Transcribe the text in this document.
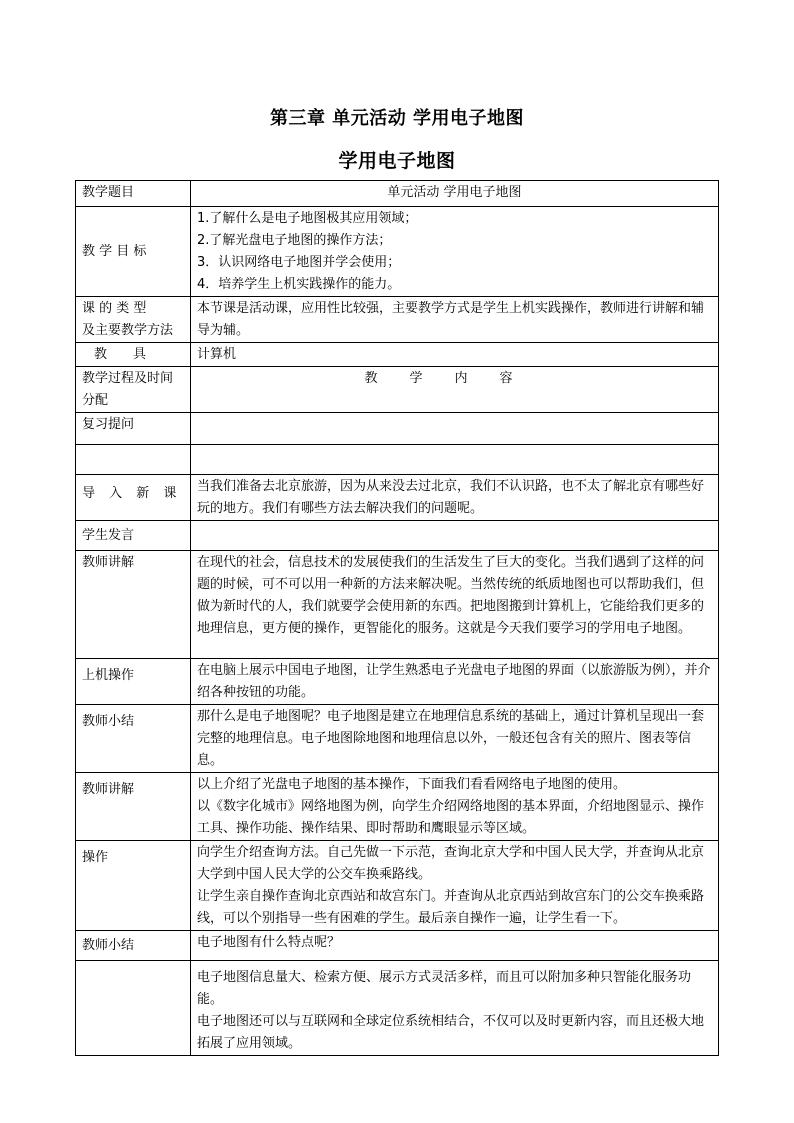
第三章 单元活动 学用电子地图
学用电子地图
教学题目	单元活动 学用电子地图
教 学 目 标	1.了解什么是电子地图极其应用领域；
2.了解光盘电子地图的操作方法；
3．认识网络电子地图并学会使用；
4．培养学生上机实践操作的能力。

课 的 类 型
及主要教学方法	本节课是活动课，应用性比较强，主要教学方式是学生上机实践操作，教师进行讲解和辅导为辅。
教具	计算机
教学过程及时间分配	教学内容
复习提问	

导 入 新 课	当我们准备去北京旅游，因为从来没去过北京，我们不认识路，也不太了解北京有哪些好玩的地方。我们有哪些方法去解决我们的问题呢。
学生发言	
教师讲解	在现代的社会，信息技术的发展使我们的生活发生了巨大的变化。当我们遇到了这样的问题的时候，可不可以用一种新的方法来解决呢。当然传统的纸质地图也可以帮助我们，但做为新时代的人，我们就要学会使用新的东西。把地图搬到计算机上，它能给我们更多的地理信息，更方便的操作，更智能化的服务。这就是今天我们要学习的学用电子地图。
上机操作	在电脑上展示中国电子地图，让学生熟悉电子光盘电子地图的界面（以旅游版为例），并介绍各种按钮的功能。
教师小结	那什么是电子地图呢？电子地图是建立在地理信息系统的基础上，通过计算机呈现出一套完整的地理信息。电子地图除地图和地理信息以外，一般还包含有关的照片、图表等信息。
教师讲解	以上介绍了光盘电子地图的基本操作，下面我们看看网络电子地图的使用。
以《数字化城市》网络地图为例，向学生介绍网络地图的基本界面，介绍地图显示、操作工具、操作功能、操作结果、即时帮助和鹰眼显示等区域。

操作	向学生介绍查询方法。自己先做一下示范，查询北京大学和中国人民大学，并查询从北京大学到中国人民大学的公交车换乘路线。
让学生亲自操作查询北京西站和故宫东门。并查询从北京西站到故宫东门的公交车换乘路线，可以个别指导一些有困难的学生。最后亲自操作一遍，让学生看一下。

教师小结	电子地图有什么特点呢？

	电子地图信息量大、检索方便、展示方式灵活多样，而且可以附加多种只智能化服务功能。
电子地图还可以与互联网和全球定位系统相结合，不仅可以及时更新内容，而且还极大地拓展了应用领域。
